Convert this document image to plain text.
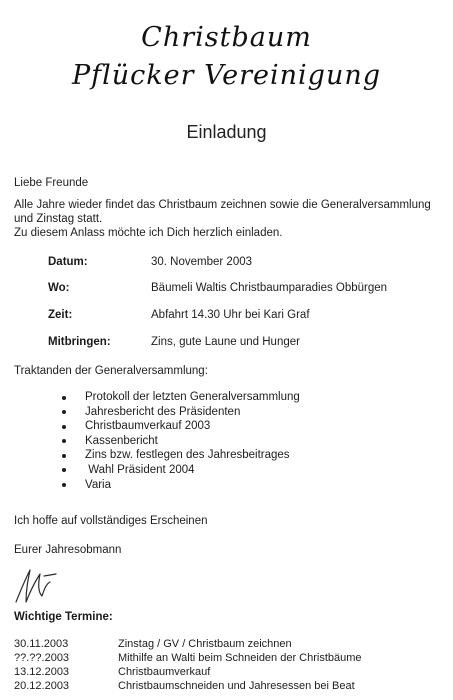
Christbaum
Pflücker Vereinigung
Einladung
Liebe Freunde
Alle Jahre wieder findet das Christbaum zeichnen sowie die Generalversammlung
und Zinstag statt.
Zu diesem Anlass möchte ich Dich herzlich einladen.
Datum:	30. November 2003
Wo:	Bäumeli Waltis Christbaumparadies Obbürgen
Zeit:	Abfahrt 14.30 Uhr bei Kari Graf
Mitbringen:	Zins, gute Laune und Hunger
Traktanden der Generalversammlung:
Protokoll der letzten Generalversammlung
Jahresbericht des Präsidenten
Christbaumverkauf 2003
Kassenbericht
Zins bzw. festlegen des Jahresbeitrages
Wahl Präsident 2004
Varia
Ich hoffe auf vollständiges Erscheinen
Eurer Jahresobmann
Wichtige Termine:
30.11.2003	Zinstag / GV / Christbaum zeichnen
??.??.2003	Mithilfe an Walti beim Schneiden der Christbäume
13.12.2003	Christbaumverkauf
20.12.2003	Christbaumschneiden und Jahresessen bei Beat
